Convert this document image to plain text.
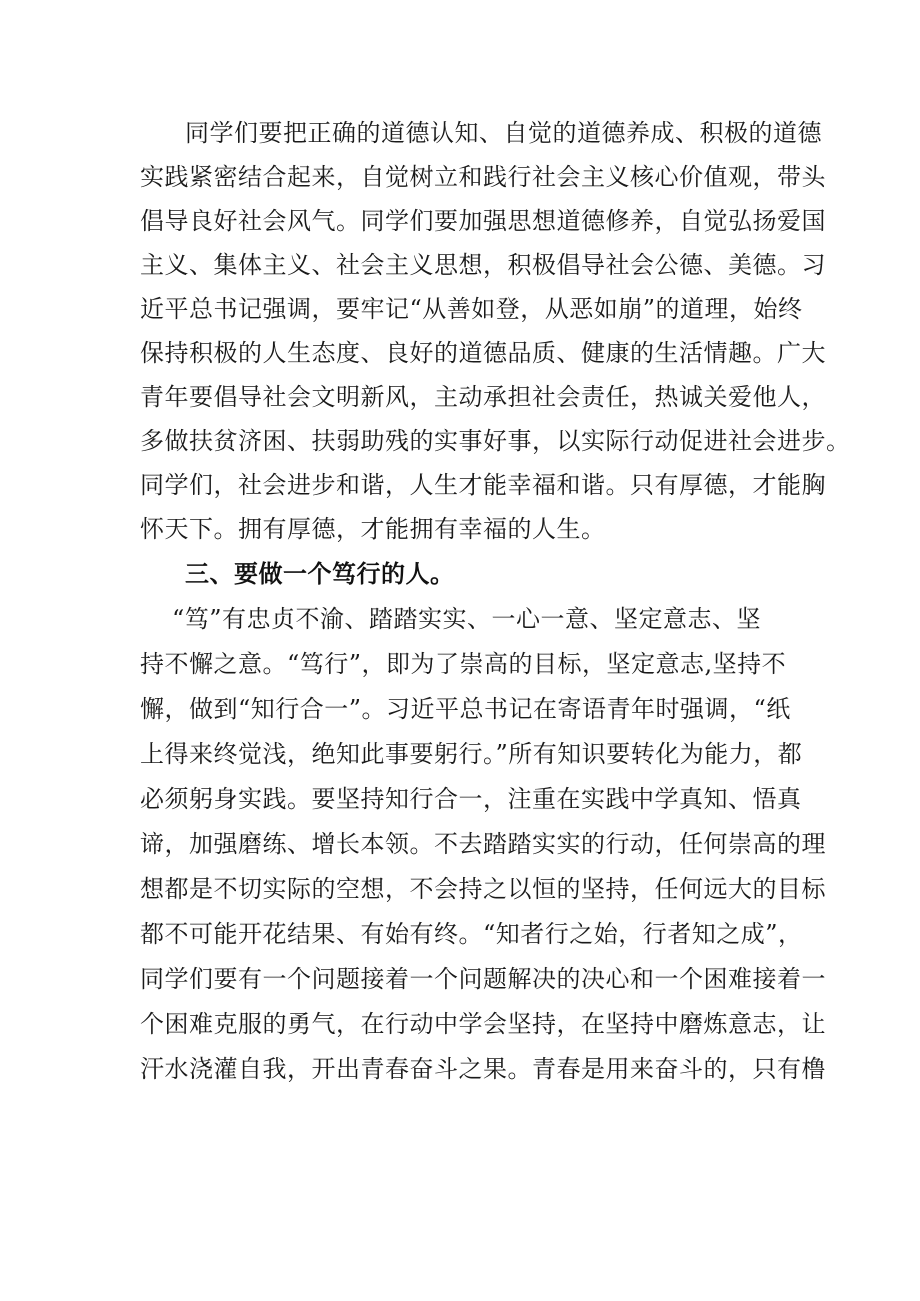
同学们要把正确的道德认知、自觉的道德养成、积极的道德
实践紧密结合起来，自觉树立和践行社会主义核心价值观，带头
倡导良好社会风气。同学们要加强思想道德修养，自觉弘扬爱国
主义、集体主义、社会主义思想，积极倡导社会公德、美德。习
近平总书记强调，要牢记“从善如登，从恶如崩”的道理，始终
保持积极的人生态度、良好的道德品质、健康的生活情趣。广大
青年要倡导社会文明新风，主动承担社会责任，热诚关爱他人，
多做扶贫济困、扶弱助残的实事好事，以实际行动促进社会进步。
同学们，社会进步和谐，人生才能幸福和谐。只有厚德，才能胸
怀天下。拥有厚德，才能拥有幸福的人生。
三、要做一个笃行的人。
“笃”有忠贞不渝、踏踏实实、一心一意、坚定意志、坚
持不懈之意。“笃行”，即为了崇高的目标，坚定意志,坚持不
懈，做到“知行合一”。习近平总书记在寄语青年时强调，“纸
上得来终觉浅，绝知此事要躬行。”所有知识要转化为能力，都
必须躬身实践。要坚持知行合一，注重在实践中学真知、悟真
谛，加强磨练、增长本领。不去踏踏实实的行动，任何崇高的理
想都是不切实际的空想，不会持之以恒的坚持，任何远大的目标
都不可能开花结果、有始有终。“知者行之始，行者知之成”，
同学们要有一个问题接着一个问题解决的决心和一个困难接着一
个困难克服的勇气，在行动中学会坚持，在坚持中磨炼意志，让
汗水浇灌自我，开出青春奋斗之果。青春是用来奋斗的，只有橹
